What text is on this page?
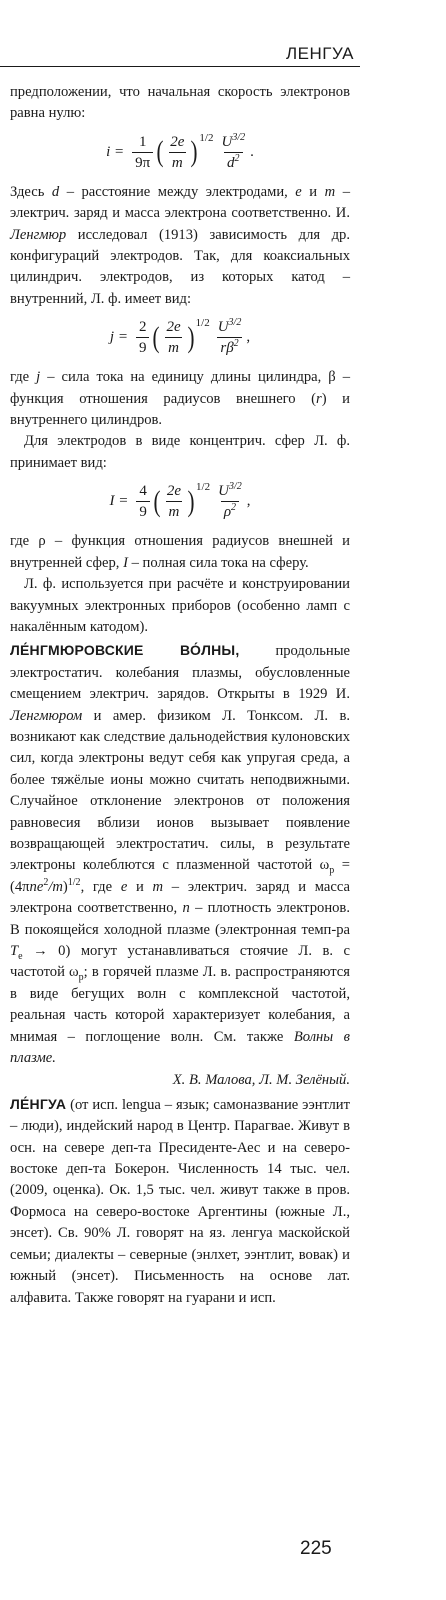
ЛЕНГУА

предположении, что начальная скорость электронов равна нулю:

$i = \frac{1}{9\pi}$ ( $\frac{2e}{m}$ ) $1/2 \frac{U^{3/2}}{d^2}$ .

Здесь d – расстояние между электродами, e и m – электрич. заряд и масса электрона соответственно. И. Ленгмюр исследовал (1913) зависимость для др. конфигураций электродов. Так, для коаксиальных цилиндрич. электродов, из которых катод – внутренний, Л. ф. имеет вид:

$j = \frac{2}{9}$ ( $\frac{2e}{m}$ ) $1/2 \frac{U^{3/2}}{r\beta^2}$ ,

где j – сила тока на единицу длины цилиндра, β – функция отношения радиусов внешнего (r) и внутреннего цилиндров.

Для электродов в виде концентрич. сфер Л. ф. принимает вид:

$I = \frac{4}{9}$ ( $\frac{2e}{m}$ ) $1/2 \frac{U^{3/2}}{\rho^2}$ ,

где ρ – функция отношения радиусов внешней и внутренней сфер, I – полная сила тока на сферу.

Л. ф. используется при расчёте и конструировании вакуумных электронных приборов (особенно ламп с накалённым катодом).

ЛЕ́НГМЮРОВСКИЕ ВО́ЛНЫ, продольные электростатич. колебания плазмы, обусловленные смещением электрич. зарядов. Открыты в 1929 И. Ленгмюром и амер. физиком Л. Тонксом. Л. в. возникают как следствие дальнодействия кулоновских сил, когда электроны ведут себя как упругая среда, а более тяжёлые ионы можно считать неподвижными. Случайное отклонение электронов от положения равновесия вблизи ионов вызывает появление возвращающей электростатич. силы, в результате электроны колеблются с плазменной частотой $\omega_p = (4\pi ne^2/m)^{1/2}$, где e и m – электрич. заряд и масса электрона соответственно, n – плотность электронов. В покоящейся холодной плазме (электронная темп-ра $T_e \to 0$) могут устанавливаться стоячие Л. в. с частотой $\omega_p$; в горячей плазме Л. в. распространяются в виде бегущих волн с комплексной частотой, реальная часть которой характеризует колебания, а мнимая – поглощение волн. См. также Волны в плазме.

Х. В. Малова, Л. М. Зелёный.

ЛЕ́НГУА (от исп. lengua – язык; самоназвание ээнтлит – люди), индейский народ в Центр. Парагвае. Живут в осн. на севере деп-та Пресиденте-Аес и на северо-востоке деп-та Бокерон. Численность 14 тыс. чел. (2009, оценка). Ок. 1,5 тыс. чел. живут также в пров. Формоса на северо-востоке Аргентины (южные Л., энсет). Св. 90% Л. говорят на яз. ленгуа маскойской семьи; диалекты – северные (энлхет, ээнтлит, вовак) и южный (энсет). Письменность на основе лат. алфавита. Также говорят на гуарани и исп.

225
